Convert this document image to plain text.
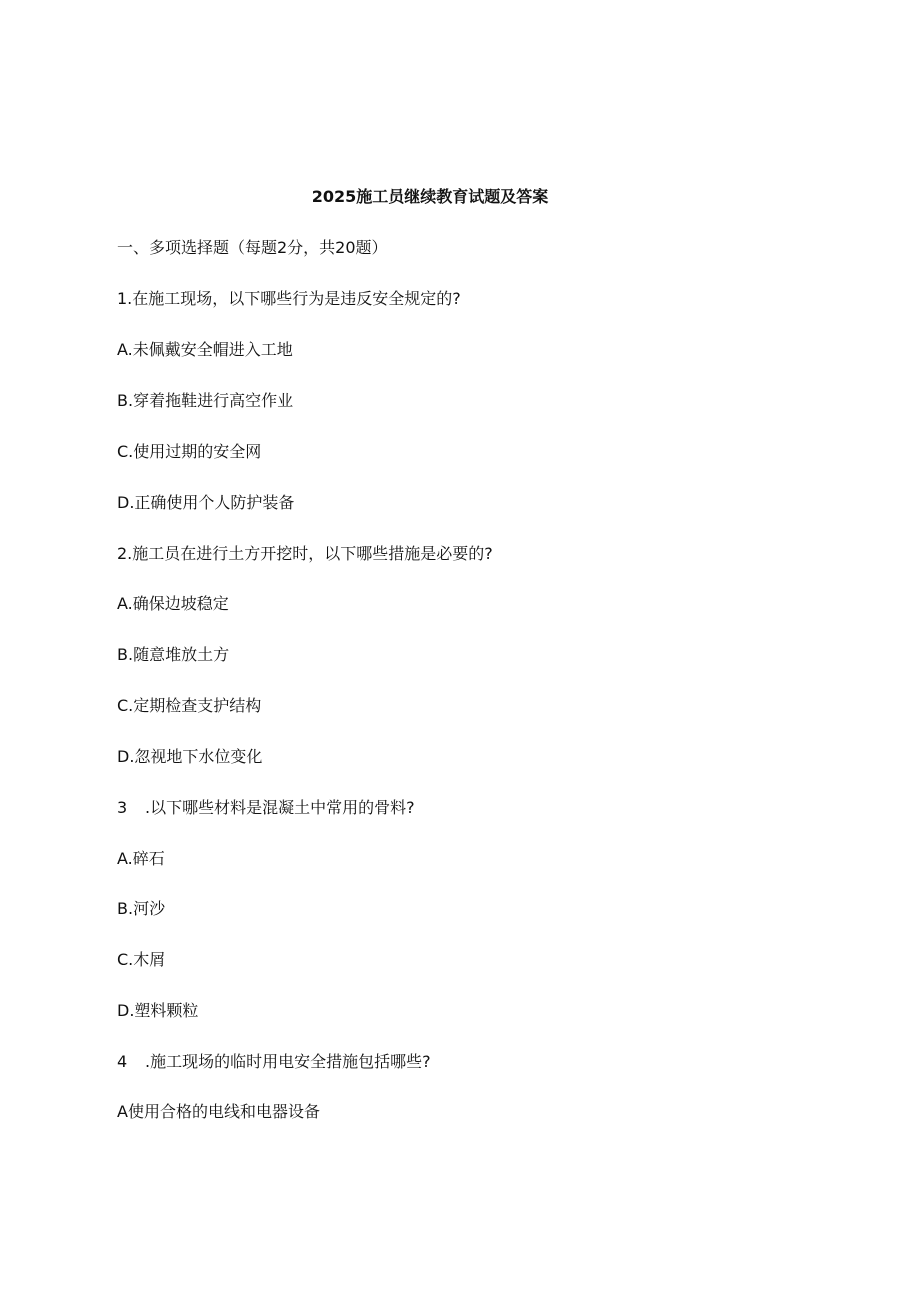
2025施工员继续教育试题及答案
一、多项选择题（每题2分，共20题）
1.在施工现场，以下哪些行为是违反安全规定的?
A.未佩戴安全帽进入工地
B.穿着拖鞋进行高空作业
C.使用过期的安全网
D.正确使用个人防护装备
2.施工员在进行土方开挖时，以下哪些措施是必要的?
A.确保边坡稳定
B.随意堆放土方
C.定期检查支护结构
D.忽视地下水位变化
3 .以下哪些材料是混凝土中常用的骨料?
A.碎石
B.河沙
C.木屑
D.塑料颗粒
4 .施工现场的临时用电安全措施包括哪些?
A使用合格的电线和电器设备
